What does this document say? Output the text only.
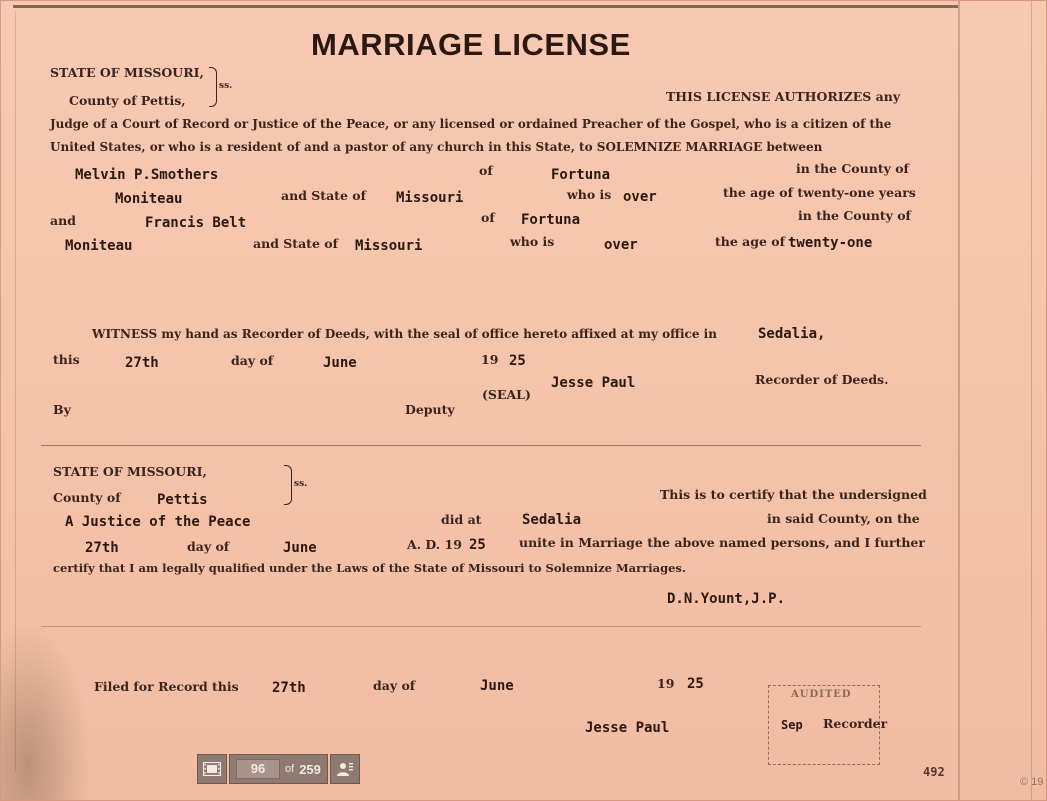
MARRIAGE LICENSE
STATE OF MISSOURI,
County of Pettis,
ss.
THIS LICENSE AUTHORIZES any
Judge of a Court of Record or Justice of the Peace, or any licensed or ordained Preacher of the Gospel, who is a citizen of the
United States, or who is a resident of and a pastor of any church in this State, to SOLEMNIZE MARRIAGE between
Melvin P.Smothers	of	Fortuna	in the County of
Moniteau	and State of Missouri	who is over	the age of twenty-one years
and	Francis Belt	of Fortuna	in the County of
Moniteau	and State of Missouri	who is	over	the age of twenty-one
WITNESS my hand as Recorder of Deeds, with the seal of office hereto affixed at my office in	Sedalia,
this	27th	day of	June	19 25
(SEAL)
Jesse Paul	Recorder of Deeds.
By	Deputy
STATE OF MISSOURI,
County of	Pettis
ss.
This is to certify that the undersigned
A Justice of the Peace	did at	Sedalia	in said County, on the
27th	day of	June	A. D. 19 25	unite in Marriage the above named persons, and I further
certify that I am legally qualified under the Laws of the State of Missouri to Solemnize Marriages.
D.N.Yount,J.P.
Filed for Record this 27th	day of	June	19 25
Jesse Paul
AUDITED
Sep Recorder
492
96	of 259
© 19
